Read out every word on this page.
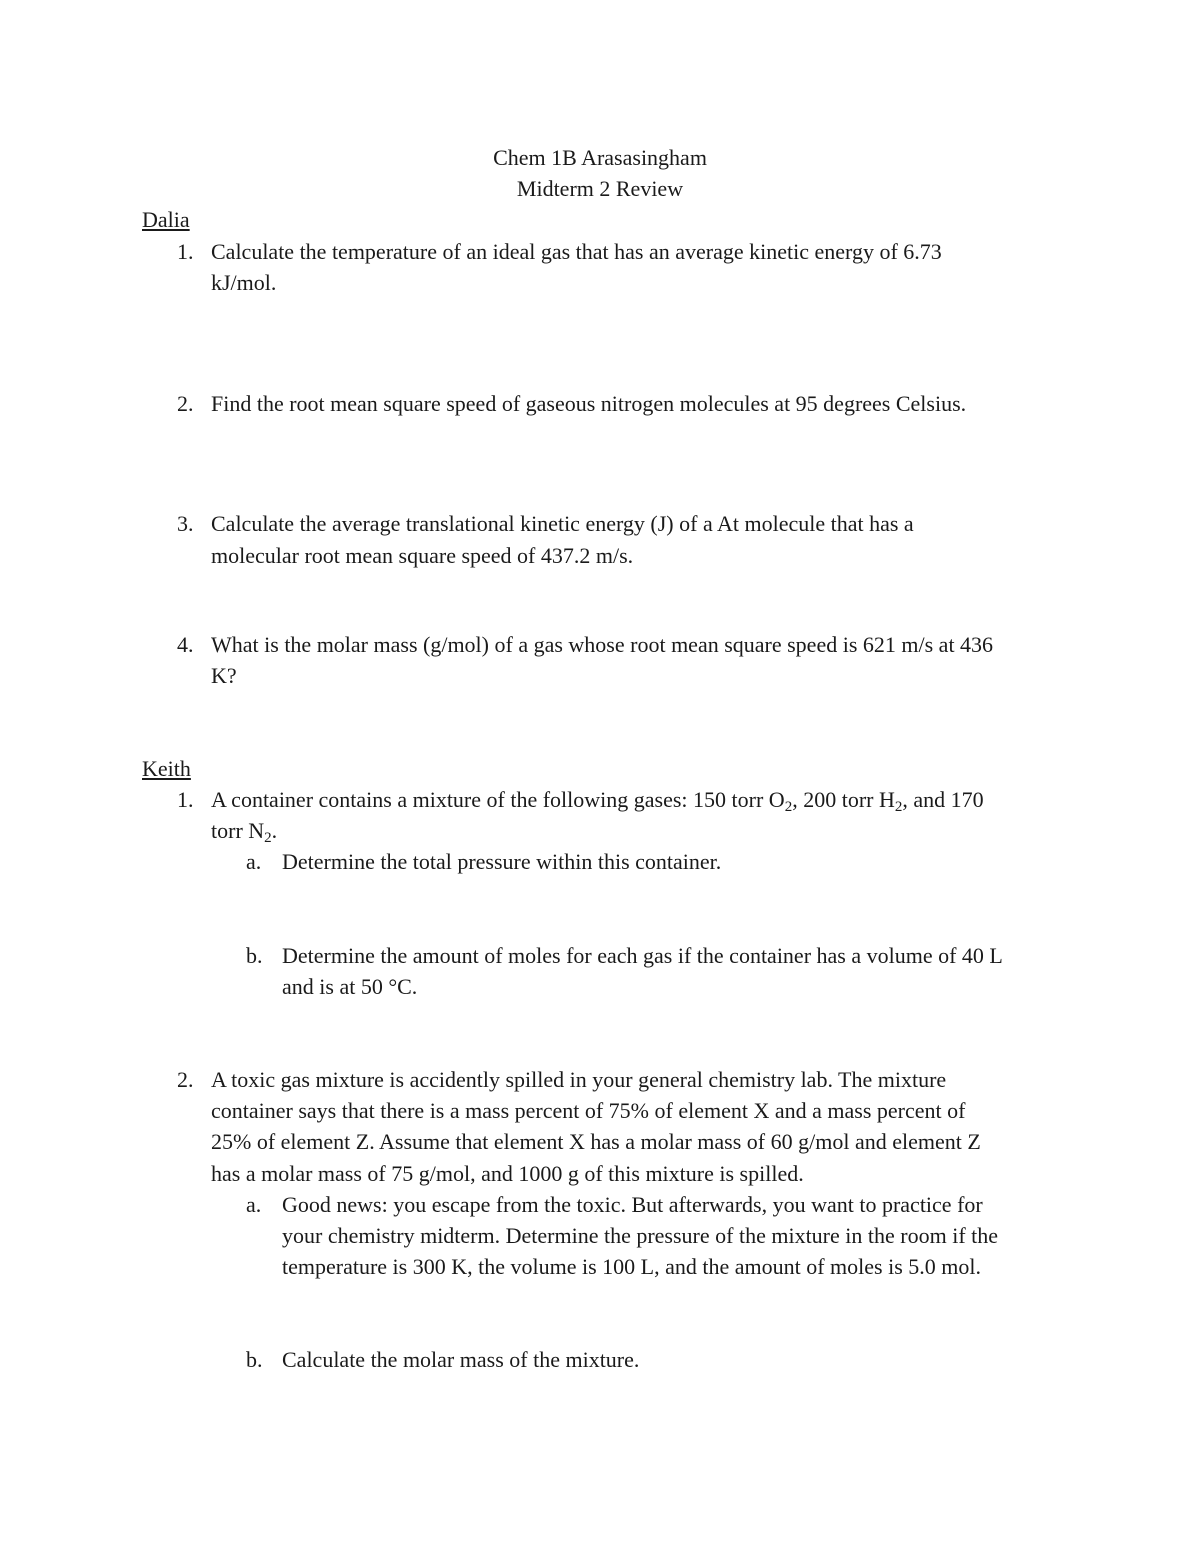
Chem 1B Arasasingham
Midterm 2 Review
Dalia
1. Calculate the temperature of an ideal gas that has an average kinetic energy of 6.73
kJ/mol.
2. Find the root mean square speed of gaseous nitrogen molecules at 95 degrees Celsius.
3. Calculate the average translational kinetic energy (J) of a At molecule that has a
molecular root mean square speed of 437.2 m/s.
4. What is the molar mass (g/mol) of a gas whose root mean square speed is 621 m/s at 436
K?
Keith
1. A container contains a mixture of the following gases: 150 torr $O_2$, 200 torr $H_2$, and 170
torr $N_2$.
a. Determine the total pressure within this container.
b. Determine the amount of moles for each gas if the container has a volume of 40 L
and is at 50 °C.
2. A toxic gas mixture is accidently spilled in your general chemistry lab. The mixture
container says that there is a mass percent of 75% of element X and a mass percent of
25% of element Z. Assume that element X has a molar mass of 60 g/mol and element Z
has a molar mass of 75 g/mol, and 1000 g of this mixture is spilled.
a. Good news: you escape from the toxic. But afterwards, you want to practice for
your chemistry midterm. Determine the pressure of the mixture in the room if the
temperature is 300 K, the volume is 100 L, and the amount of moles is 5.0 mol.
b. Calculate the molar mass of the mixture.
